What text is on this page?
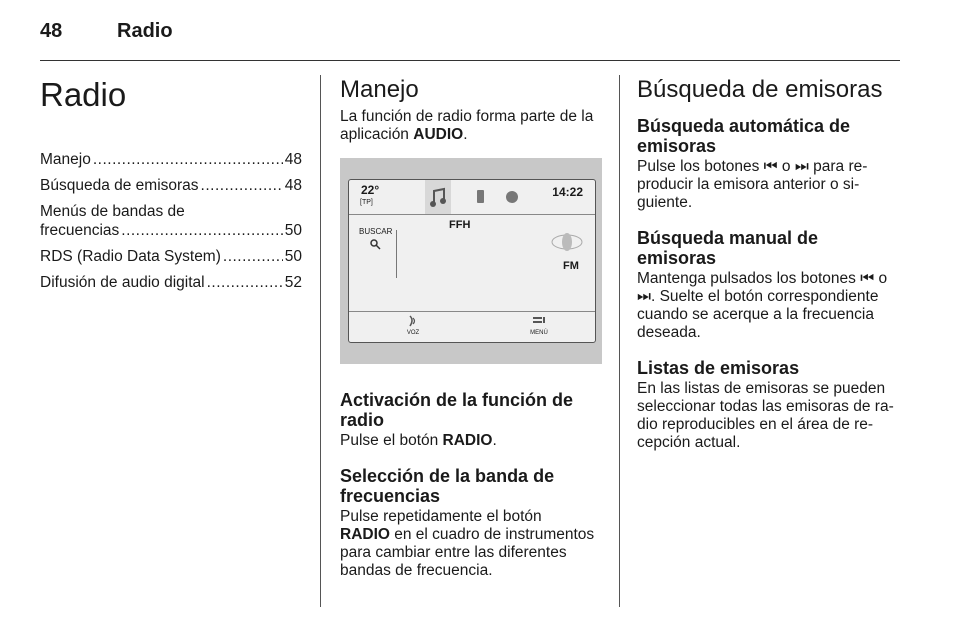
48	Radio
Radio
Manejo .....	48
Búsqueda de emisoras .....	48
Menús de bandas de
frecuencias .....	50
RDS (Radio Data System) .....	50
Difusión de audio digital .....	52
Manejo

La función de radio forma parte de la aplicación AUDIO.

22°
[TP]
14:22
BUSCAR
FFH
FM
VOZ	MENÚ
Activación de la función de radio

Pulse el botón RADIO.

Selección de la banda de frecuencias

Pulse repetidamente el botón
RADIO en el cuadro de instrumentos para cambiar entre las diferentes bandas de frecuencia.

Búsqueda de emisoras
Búsqueda automática de emisoras

Pulse los botones ⏮ o ⏭ para re-producir la emisora anterior o si-guiente.

Búsqueda manual de emisoras

Mantenga pulsados los botones ⏮ o ⏭. Suelte el botón correspondiente cuando se acerque a la frecuencia deseada.

Listas de emisoras

En las listas de emisoras se pueden seleccionar todas las emisoras de ra-dio reproducibles en el área de re-cepción actual.
